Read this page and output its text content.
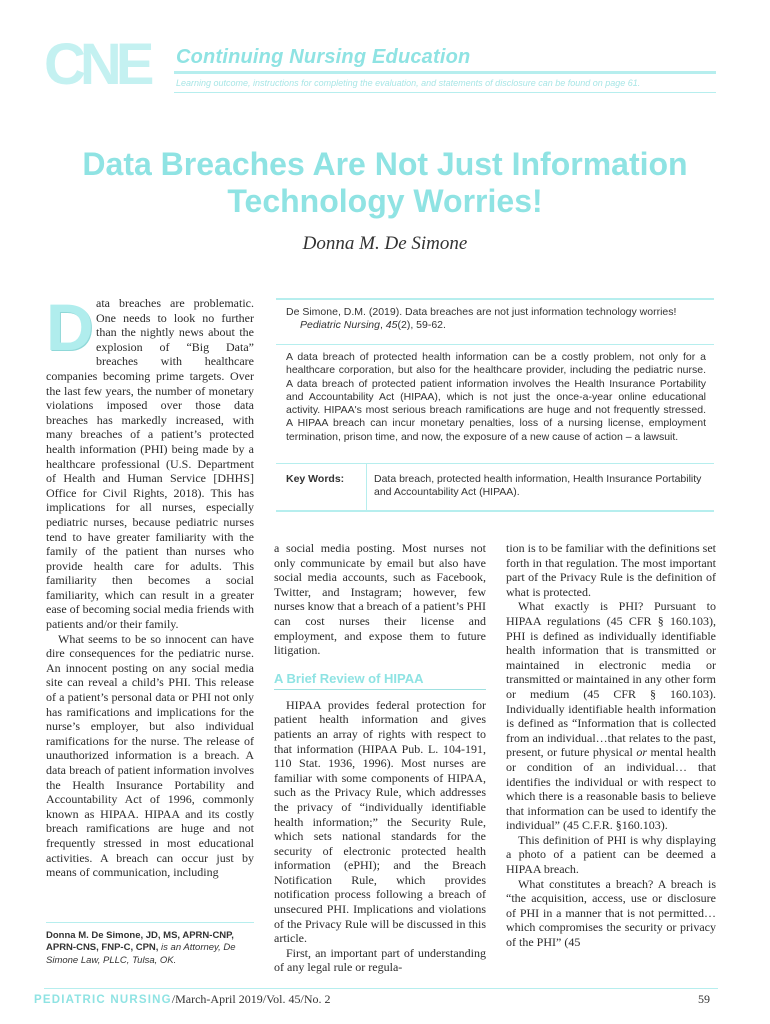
CNE Continuing Nursing Education
Learning outcome, instructions for completing the evaluation, and statements of disclosure can be found on page 61.
Data Breaches Are Not Just Information Technology Worries!
Donna M. De Simone
D ata breaches are problematic. One needs to look no further than the nightly news about the explosion of “Big Data” breaches with healthcare companies becoming prime targets. Over the last few years, the number of monetary violations imposed over those data breaches has markedly increased, with many breaches of a patient’s protected health information (PHI) being made by a healthcare professional (U.S. Department of Health and Human Service [DHHS] Office for Civil Rights, 2018). This has implications for all nurses, especially pediatric nurses, because pediatric nurses tend to have greater familiarity with the family of the patient than nurses who provide health care for adults. This familiarity then becomes a social familiarity, which can result in a greater ease of becoming social media friends with patients and/or their family.

What seems to be so innocent can have dire consequences for the pediatric nurse. An innocent posting on any social media site can reveal a child’s PHI. This release of a patient’s personal data or PHI not only has ramifications and implications for the nurse’s employer, but also individual ramifications for the nurse. The release of unauthorized information is a breach. A data breach of patient information involves the Health Insurance Portability and Accountability Act of 1996, commonly known as HIPAA. HIPAA and its costly breach ramifications are huge and not frequently stressed in most educational activities. A breach can occur just by means of communication, including

Donna M. De Simone, JD, MS, APRN-CNP, APRN-CNS, FNP-C, CPN, is an Attorney, De Simone Law, PLLC, Tulsa, OK.
De Simone, D.M. (2019). Data breaches are not just information technology worries! Pediatric Nursing, 45(2), 59-62.
A data breach of protected health information can be a costly problem, not only for a healthcare corporation, but also for the healthcare provider, including the pediatric nurse. A data breach of protected patient information involves the Health Insurance Portability and Accountability Act (HIPAA), which is not just the once-a-year online educational activity. HIPAA's most serious breach ramifications are huge and not frequently stressed. A HIPAA breach can incur monetary penalties, loss of a nursing license, employment termination, prison time, and now, the exposure of a new cause of action – a lawsuit.
Key Words:	Data breach, protected health information, Health Insurance Portability and Accountability Act (HIPAA).

a social media posting. Most nurses not only communicate by email but also have social media accounts, such as Facebook, Twitter, and Instagram; however, few nurses know that a breach of a patient’s PHI can cost nurses their license and employment, and expose them to future litigation.

A Brief Review of HIPAA

HIPAA provides federal protection for patient health information and gives patients an array of rights with respect to that information (HIPAA Pub. L. 104-191, 110 Stat. 1936, 1996). Most nurses are familiar with some components of HIPAA, such as the Privacy Rule, which addresses the privacy of “individually identifiable health information;” the Security Rule, which sets national standards for the security of electronic protected health information (ePHI); and the Breach Notification Rule, which provides notification process following a breach of unsecured PHI. Implications and violations of the Privacy Rule will be discussed in this article.

First, an important part of understanding of any legal rule or regula-

tion is to be familiar with the definitions set forth in that regulation. The most important part of the Privacy Rule is the definition of what is protected.

What exactly is PHI? Pursuant to HIPAA regulations (45 CFR § 160.103), PHI is defined as individually identifiable health information that is transmitted or maintained in electronic media or transmitted or maintained in any other form or medium (45 CFR § 160.103). Individually identifiable health information is defined as “Information that is collected from an individual…that relates to the past, present, or future physical or mental health or condition of an individual… that identifies the individual or with respect to which there is a reasonable basis to believe that information can be used to identify the individual” (45 C.F.R. §160.103).

This definition of PHI is why displaying a photo of a patient can be deemed a HIPAA breach.

What constitutes a breach? A breach is “the acquisition, access, use or disclosure of PHI in a manner that is not permitted…which compromises the security or privacy of the PHI” (45

PEDIATRIC NURSING/March-April 2019/Vol. 45/No. 2	59
